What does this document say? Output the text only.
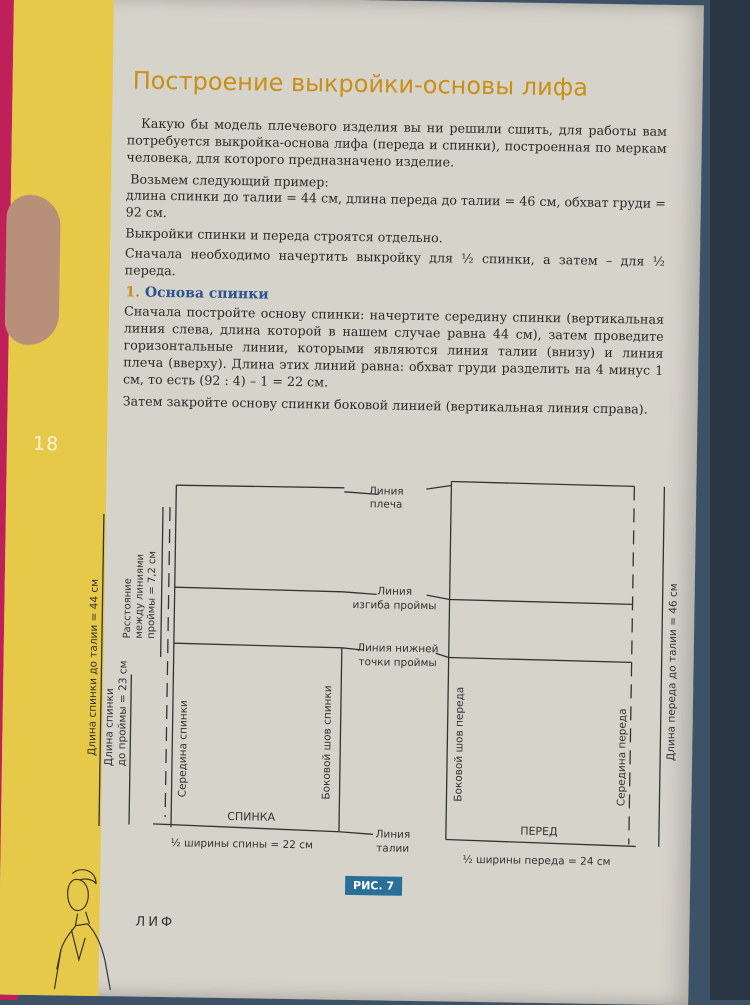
18
Построение выкройки-основы лифа

Какую бы модель плечевого изделия вы ни решили сшить, для работы вам потребуется выкройка-основа лифа (переда и спинки), построенная по меркам человека, для которого предназначено изделие.

Возьмем следующий пример:

длина спинки до талии = 44 см, длина переда до талии = 46 см, обхват груди = 92 см.

Выкройки спинки и переда строятся отдельно.

Сначала необходимо начертить выкройку для ½ спинки, а затем – для ½ переда.

1. Основа спинки

Сначала постройте основу спинки: начертите середину спинки (вертикальная линия слева, длина которой в нашем случае равна 44 см), затем проведите горизонтальные линии, которыми являются линия талии (внизу) и линия плеча (вверху). Длина этих линий равна: обхват груди разделить на 4 минус 1 см, то есть (92 : 4) – 1 = 22 см.

Затем закройте основу спинки боковой линией (вертикальная линия справа).

Линия
плеча
Линия
изгиба проймы
Линия нижней
точки проймы
Линия
талии
СПИНКА
ПЕРЕД
Середина спинки	Боковой шов спинки	Боковой шов переда	Середина переда
½ ширины спины = 22 см
½ ширины переда = 24 см
Длина спинки до талии = 44 см Длина спинки до проймы = 23 см
Расстояние между линиями проймы = 7,2 см	Длина переда до талии = 46 см
РИС. 7
ЛИФ
